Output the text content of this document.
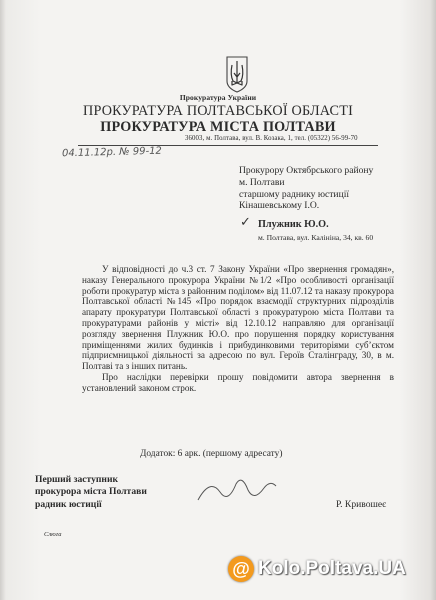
Прокуратура України
ПРОКУРАТУРА ПОЛТАВСЬКОЇ ОБЛАСТІ
ПРОКУРАТУРА МІСТА ПОЛТАВИ
36003, м. Полтава, вул. В. Козака, 1, тел. (05322) 56-99-70
04.11.12р. № 99-12
Прокурору Октябрського району
м. Полтави
старшому раднику юстиції
Кінашевському І.О.
✓ Плужник Ю.О.
м. Полтава, вул. Калініна, 34, кв. 60

У відповідності до ч.3 ст. 7 Закону України «Про звернення громадян», наказу Генерального прокурора України №1/2 «Про особливості організації роботи прокуратур міста з районним поділом» від 11.07.12 та наказу прокурора Полтавської області №145 «Про порядок взаємодії структурних підрозділів апарату прокуратури Полтавської області з прокуратурою міста Полтави та прокуратурами районів у місті» від 12.10.12 направляю для організації розгляду звернення Плужник Ю.О. про порушення порядку користування приміщеннями жилих будинків і прибудинковими територіями суб’єктом підприємницької діяльності за адресою по вул. Героїв Сталінграду, 30, в м. Полтаві та з інших питань.

Про наслідки перевірки прошу повідомити автора звернення в установлений законом строк.

Додаток: 6 арк. (першому адресату)
Перший заступник
прокурора міста Полтави
радник юстиції	Р. Кривошеє
Слюга
@ Kolo.Poltava.UA
